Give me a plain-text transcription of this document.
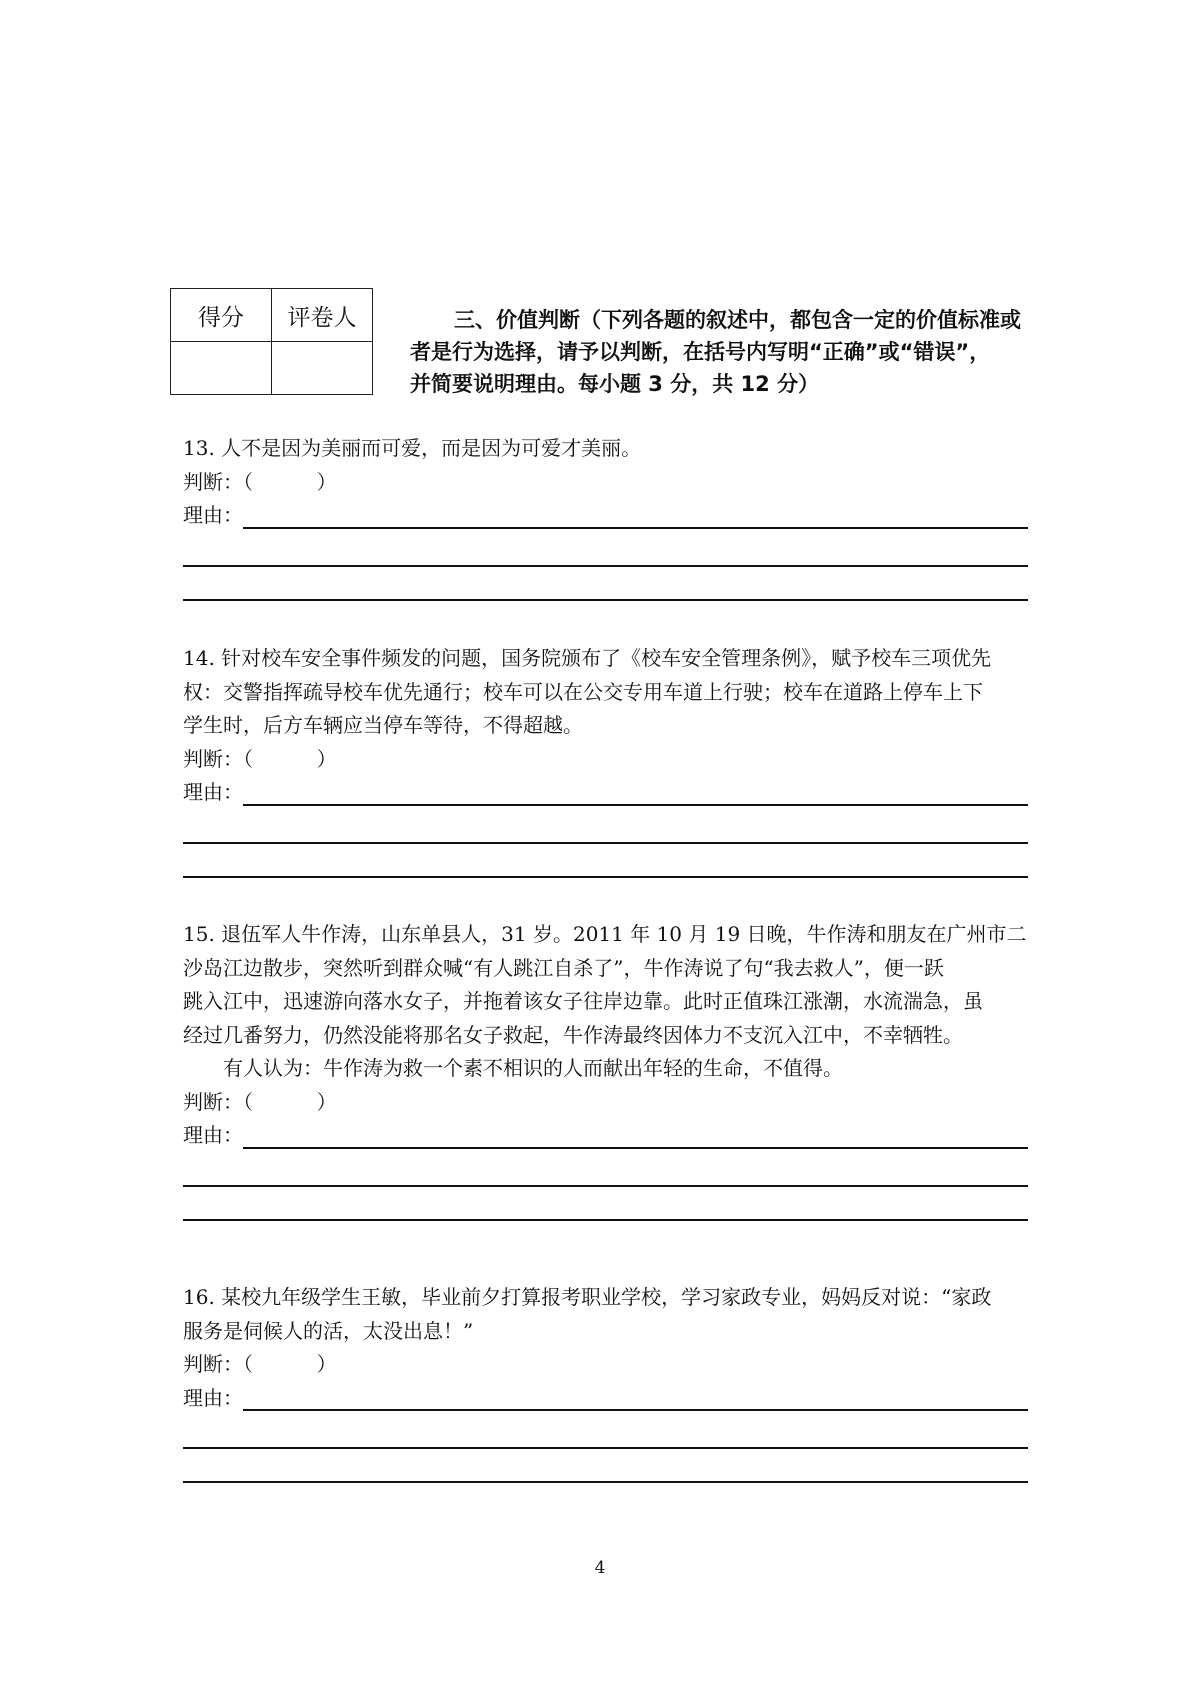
得分	评卷人
		三、价值判断（下列各题的叙述中，都包含一定的价值标准或
者是行为选择，请予以判断，在括号内写明“正确”或“错误”，
并简要说明理由。每小题 3 分，共 12 分）

13. 人不是因为美丽而可爱，而是因为可爱才美丽。

判断：（          ）
理由：

14. 针对校车安全事件频发的问题，国务院颁布了《校车安全管理条例》，赋予校车三项优先

权：交警指挥疏导校车优先通行；校车可以在公交专用车道上行驶；校车在道路上停车上下

学生时，后方车辆应当停车等待，不得超越。

判断：（          ）
理由：

15. 退伍军人牛作涛，山东单县人，31 岁。2011 年 10 月 19 日晚，牛作涛和朋友在广州市二

沙岛江边散步，突然听到群众喊“有人跳江自杀了”，牛作涛说了句“我去救人”，便一跃

跳入江中，迅速游向落水女子，并拖着该女子往岸边靠。此时正值珠江涨潮，水流湍急，虽

经过几番努力，仍然没能将那名女子救起，牛作涛最终因体力不支沉入江中，不幸牺牲。

有人认为：牛作涛为救一个素不相识的人而献出年轻的生命，不值得。

判断：（          ）
理由：

16. 某校九年级学生王敏，毕业前夕打算报考职业学校，学习家政专业，妈妈反对说：“家政

服务是伺候人的活，太没出息！”

判断：（          ）
理由：
4
